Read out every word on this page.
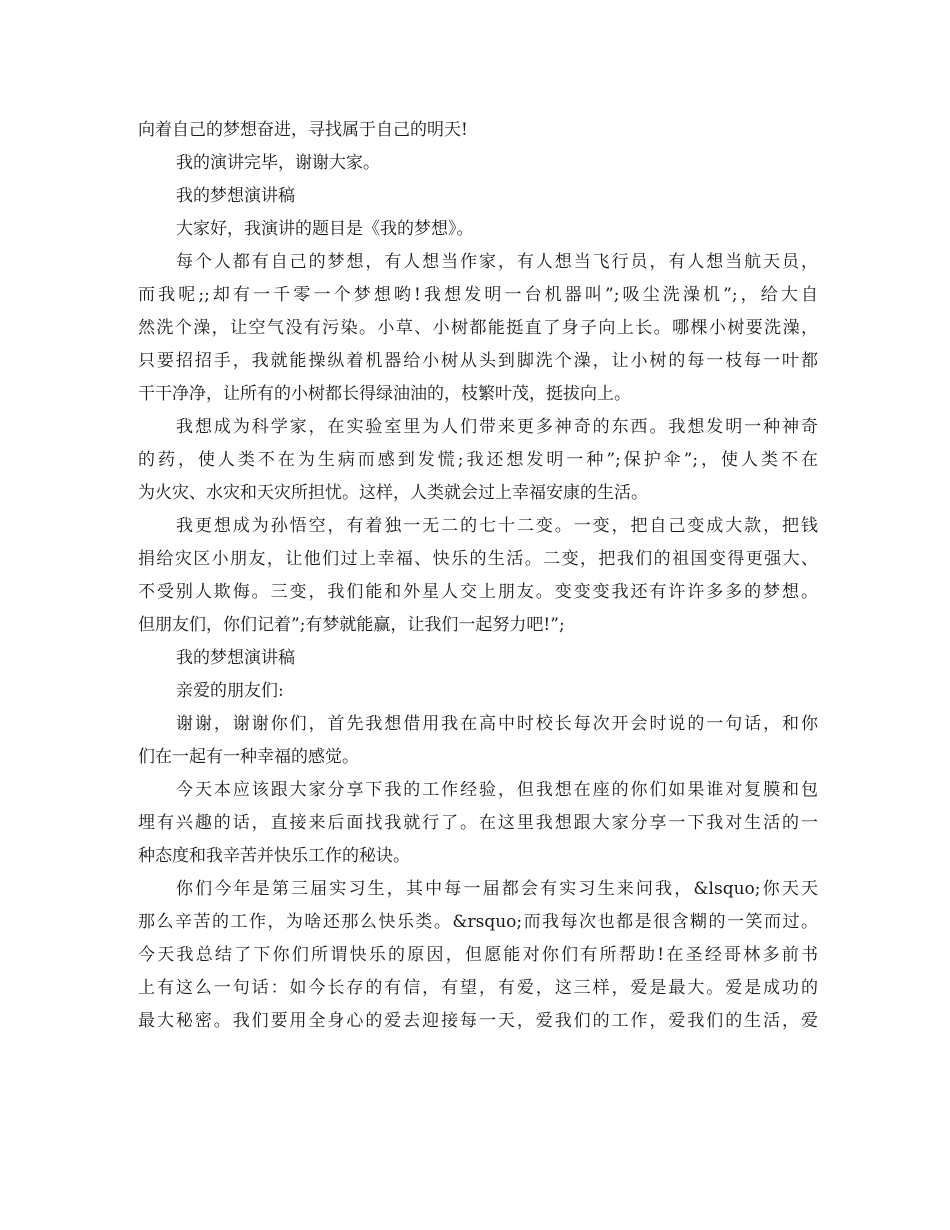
向着自己的梦想奋进，寻找属于自己的明天!
我的演讲完毕，谢谢大家。
我的梦想演讲稿
大家好，我演讲的题目是《我的梦想》。
每个人都有自己的梦想，有人想当作家，有人想当飞行员，有人想当航天员，
而我呢;;却有一千零一个梦想哟!我想发明一台机器叫”;吸尘洗澡机”;，给大自
然洗个澡，让空气没有污染。小草、小树都能挺直了身子向上长。哪棵小树要洗澡，
只要招招手，我就能操纵着机器给小树从头到脚洗个澡，让小树的每一枝每一叶都
干干净净，让所有的小树都长得绿油油的，枝繁叶茂，挺拔向上。
我想成为科学家，在实验室里为人们带来更多神奇的东西。我想发明一种神奇
的药，使人类不在为生病而感到发慌;我还想发明一种”;保护伞”;，使人类不在
为火灾、水灾和天灾所担忧。这样，人类就会过上幸福安康的生活。
我更想成为孙悟空，有着独一无二的七十二变。一变，把自己变成大款，把钱
捐给灾区小朋友，让他们过上幸福、快乐的生活。二变，把我们的祖国变得更强大、
不受别人欺侮。三变，我们能和外星人交上朋友。变变变我还有许许多多的梦想。
但朋友们，你们记着”;有梦就能赢，让我们一起努力吧!”;
我的梦想演讲稿
亲爱的朋友们:
谢谢，谢谢你们，首先我想借用我在高中时校长每次开会时说的一句话，和你
们在一起有一种幸福的感觉。
今天本应该跟大家分享下我的工作经验，但我想在座的你们如果谁对复膜和包
埋有兴趣的话，直接来后面找我就行了。在这里我想跟大家分享一下我对生活的一
种态度和我辛苦并快乐工作的秘诀。
你们今年是第三届实习生，其中每一届都会有实习生来问我，&lsquo;你天天
那么辛苦的工作，为啥还那么快乐类。&rsquo;而我每次也都是很含糊的一笑而过。
今天我总结了下你们所谓快乐的原因，但愿能对你们有所帮助!在圣经哥林多前书
上有这么一句话：如今长存的有信，有望，有爱，这三样，爱是最大。爱是成功的
最大秘密。我们要用全身心的爱去迎接每一天，爱我们的工作，爱我们的生活，爱
